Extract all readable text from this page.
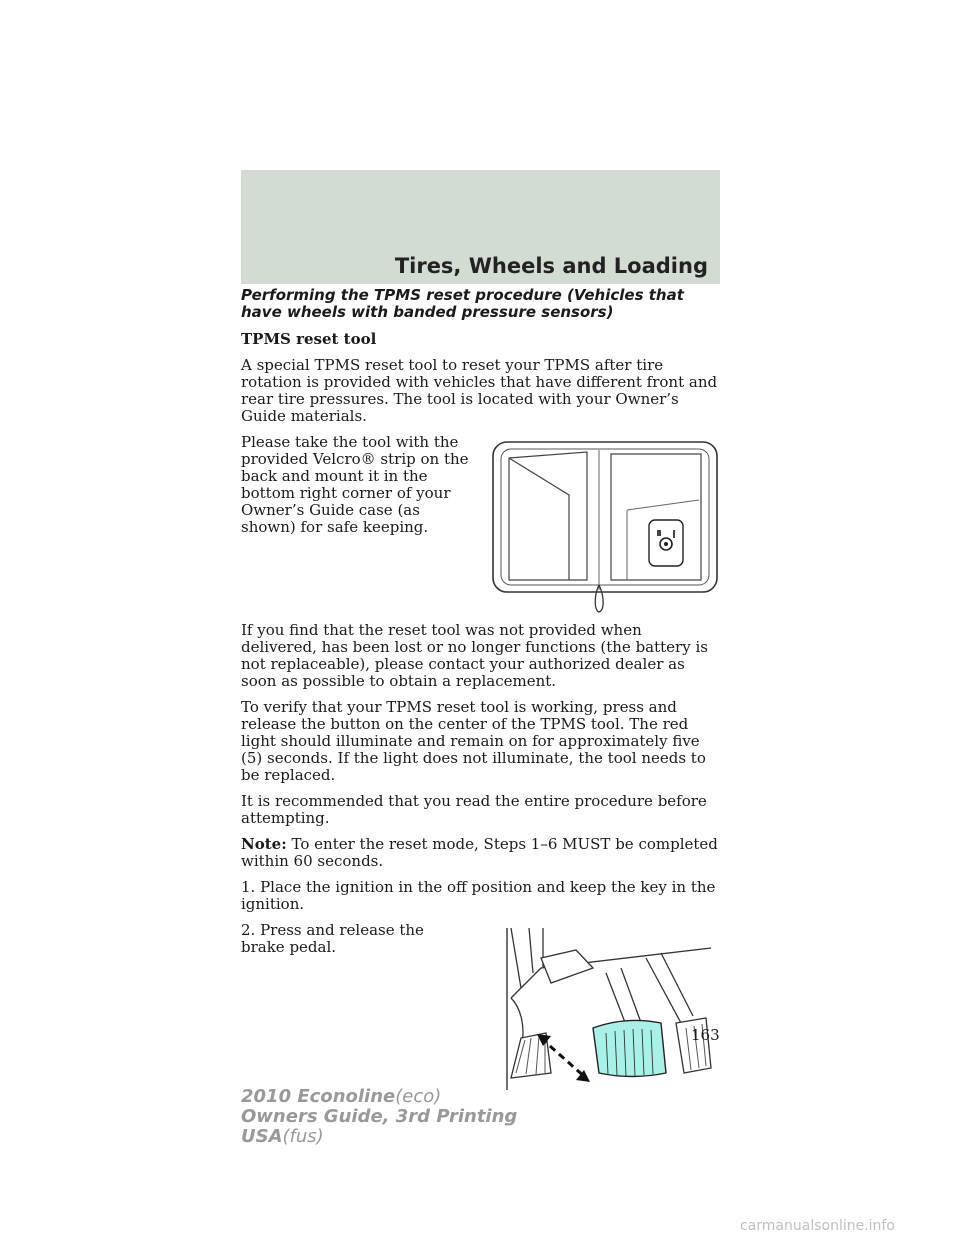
Tires, Wheels and Loading
Performing the TPMS reset procedure (Vehicles that have wheels with banded pressure sensors)

TPMS reset tool

A special TPMS reset tool to reset your TPMS after tire rotation is provided with vehicles that have different front and rear tire pressures. The tool is located with your Owner’s Guide materials.

Please take the tool with the provided Velcro® strip on the back and mount it in the bottom right corner of your Owner’s Guide case (as shown) for safe keeping.

If you find that the reset tool was not provided when delivered, has been lost or no longer functions (the battery is not replaceable), please contact your authorized dealer as soon as possible to obtain a replacement.

To verify that your TPMS reset tool is working, press and release the button on the center of the TPMS tool. The red light should illuminate and remain on for approximately five (5) seconds. If the light does not illuminate, the tool needs to be replaced.

It is recommended that you read the entire procedure before attempting.

Note: To enter the reset mode, Steps 1–6 MUST be completed within 60 seconds.

1. Place the ignition in the off position and keep the key in the ignition.

2. Press and release the brake pedal.

163
2010 Econoline(eco)
Owners Guide, 3rd Printing
USA(fus)
carmanualsonline.info
